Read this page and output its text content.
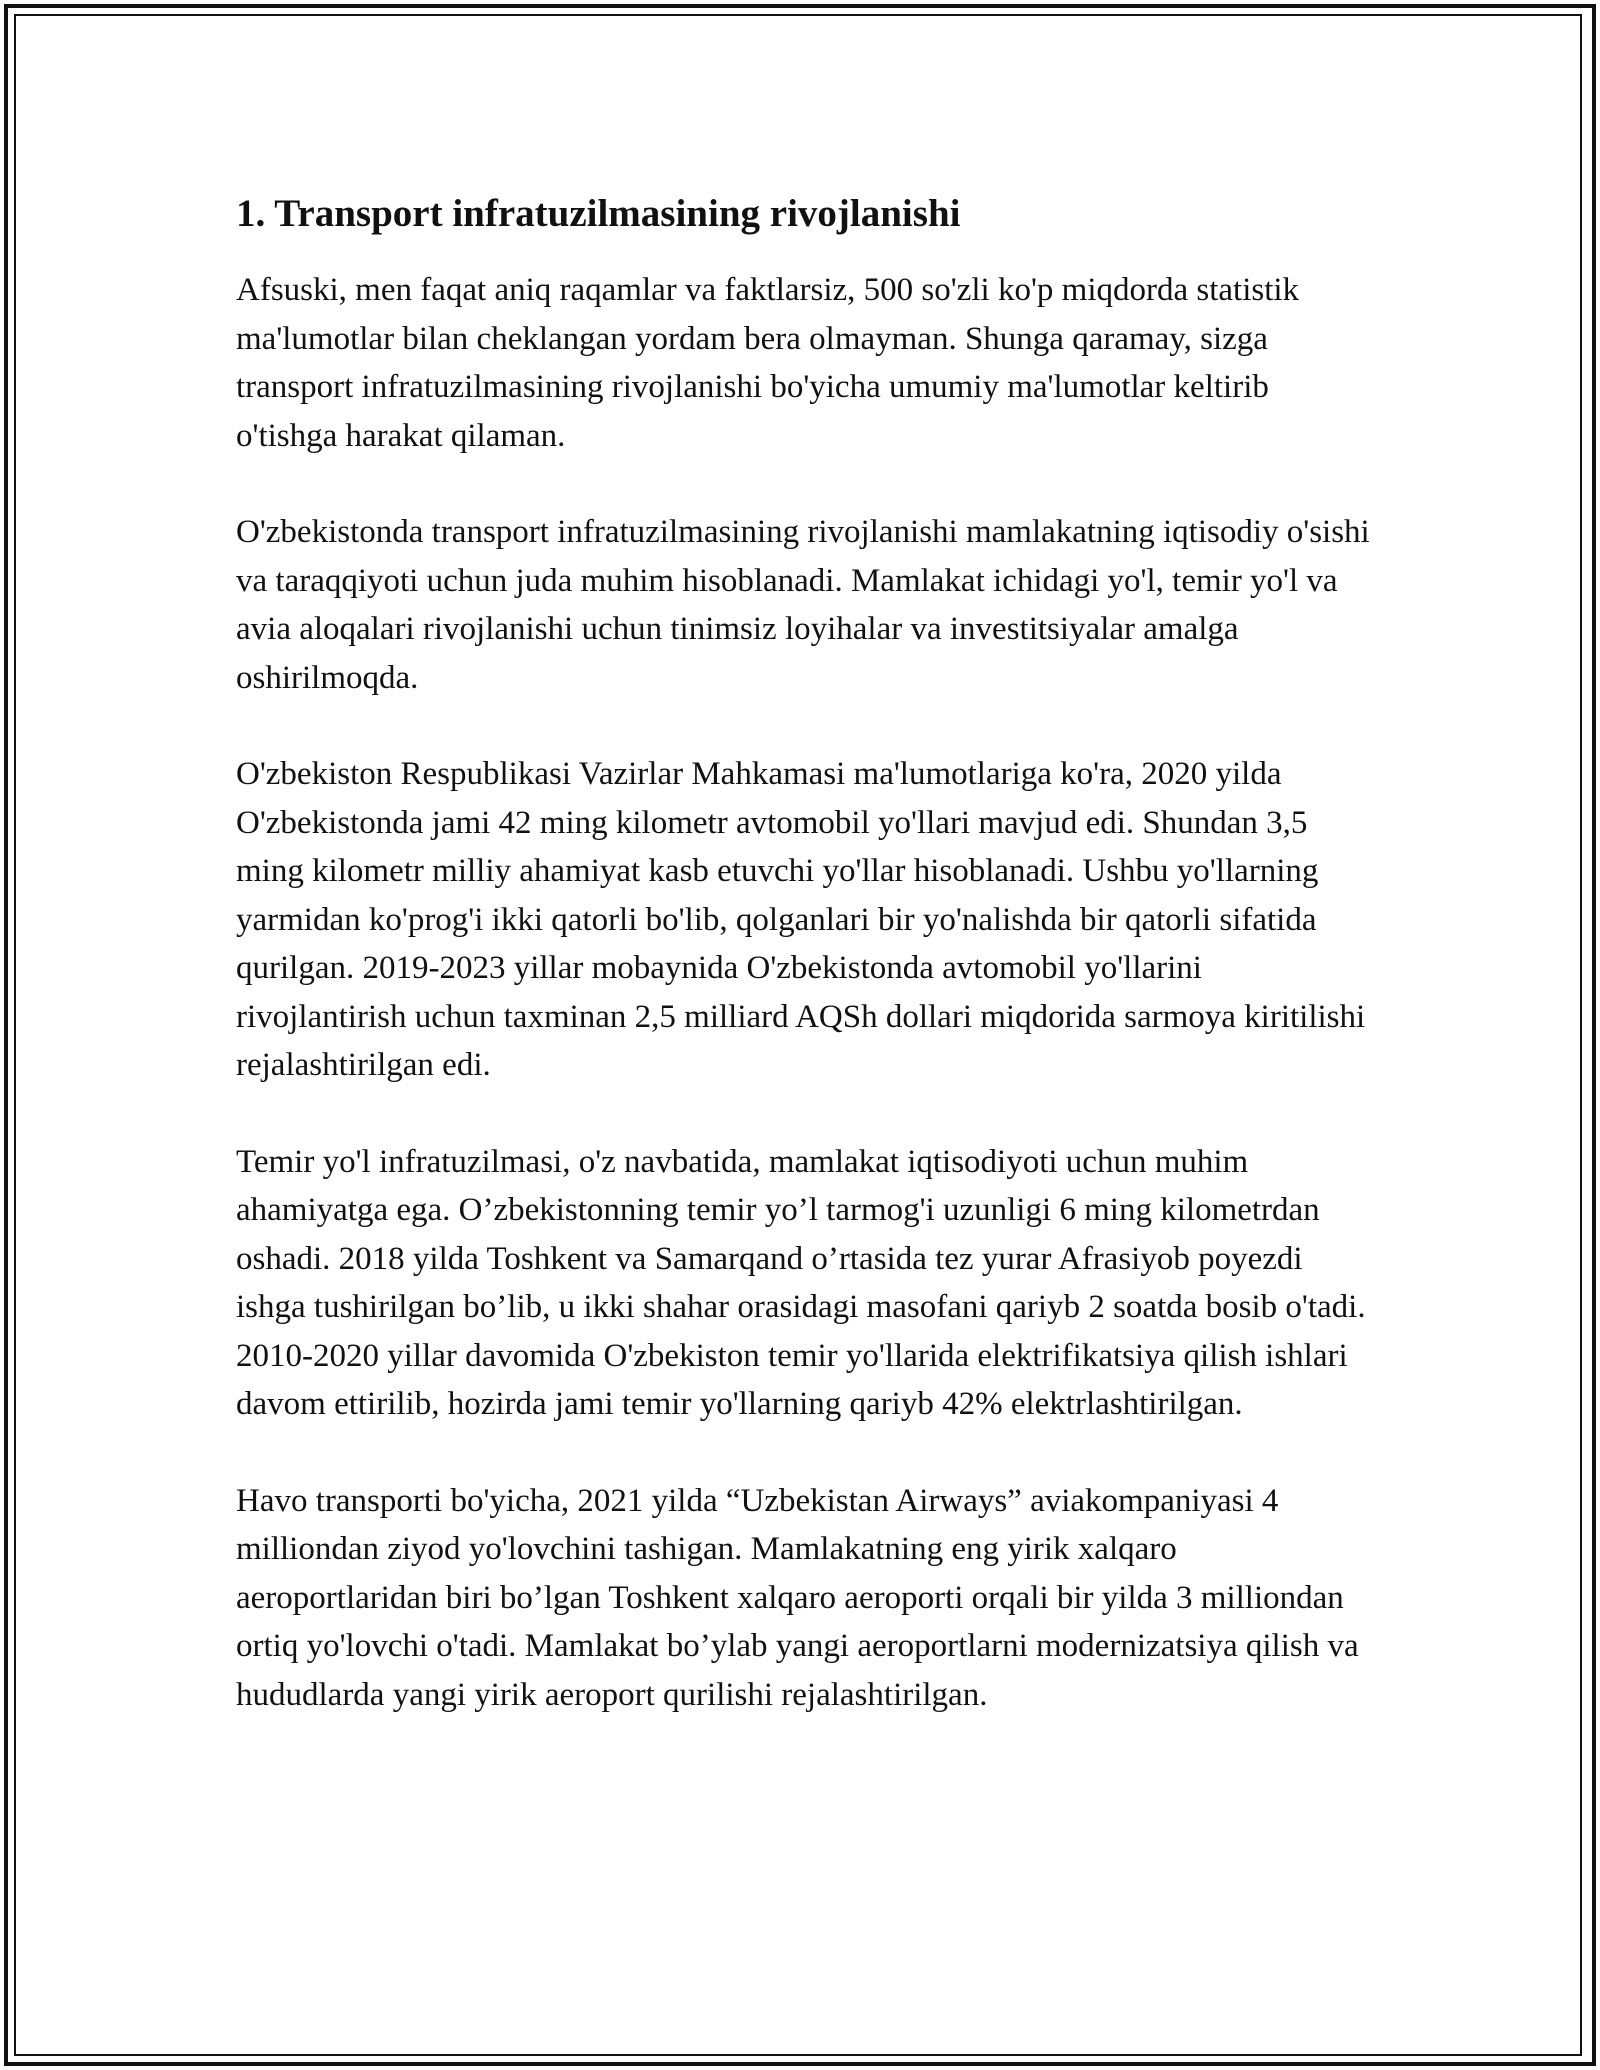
1. Transport infratuzilmasining rivojlanishi

Afsuski, men faqat aniq raqamlar va faktlarsiz, 500 so'zli ko'p miqdorda statistik ma'lumotlar bilan cheklangan yordam bera olmayman. Shunga qaramay, sizga transport infratuzilmasining rivojlanishi bo'yicha umumiy ma'lumotlar keltirib o'tishga harakat qilaman.

O'zbekistonda transport infratuzilmasining rivojlanishi mamlakatning iqtisodiy o'sishi va taraqqiyoti uchun juda muhim hisoblanadi. Mamlakat ichidagi yo'l, temir yo'l va avia aloqalari rivojlanishi uchun tinimsiz loyihalar va investitsiyalar amalga oshirilmoqda.

O'zbekiston Respublikasi Vazirlar Mahkamasi ma'lumotlariga ko'ra, 2020 yilda O'zbekistonda jami 42 ming kilometr avtomobil yo'llari mavjud edi. Shundan 3,5 ming kilometr milliy ahamiyat kasb etuvchi yo'llar hisoblanadi. Ushbu yo'llarning yarmidan ko'prog'i ikki qatorli bo'lib, qolganlari bir yo'nalishda bir qatorli sifatida qurilgan. 2019-2023 yillar mobaynida O'zbekistonda avtomobil yo'llarini rivojlantirish uchun taxminan 2,5 milliard AQSh dollari miqdorida sarmoya kiritilishi rejalashtirilgan edi.

Temir yo'l infratuzilmasi, o'z navbatida, mamlakat iqtisodiyoti uchun muhim ahamiyatga ega. O’zbekistonning temir yo’l tarmog'i uzunligi 6 ming kilometrdan oshadi. 2018 yilda Toshkent va Samarqand o’rtasida tez yurar Afrasiyob poyezdi ishga tushirilgan bo’lib, u ikki shahar orasidagi masofani qariyb 2 soatda bosib o'tadi. 2010-2020 yillar davomida O'zbekiston temir yo'llarida elektrifikatsiya qilish ishlari davom ettirilib, hozirda jami temir yo'llarning qariyb 42% elektrlashtirilgan.

Havo transporti bo'yicha, 2021 yilda “Uzbekistan Airways” aviakompaniyasi 4 milliondan ziyod yo'lovchini tashigan. Mamlakatning eng yirik xalqaro aeroportlaridan biri bo’lgan Toshkent xalqaro aeroporti orqali bir yilda 3 milliondan ortiq yo'lovchi o'tadi. Mamlakat bo’ylab yangi aeroportlarni modernizatsiya qilish va hududlarda yangi yirik aeroport qurilishi rejalashtirilgan.
